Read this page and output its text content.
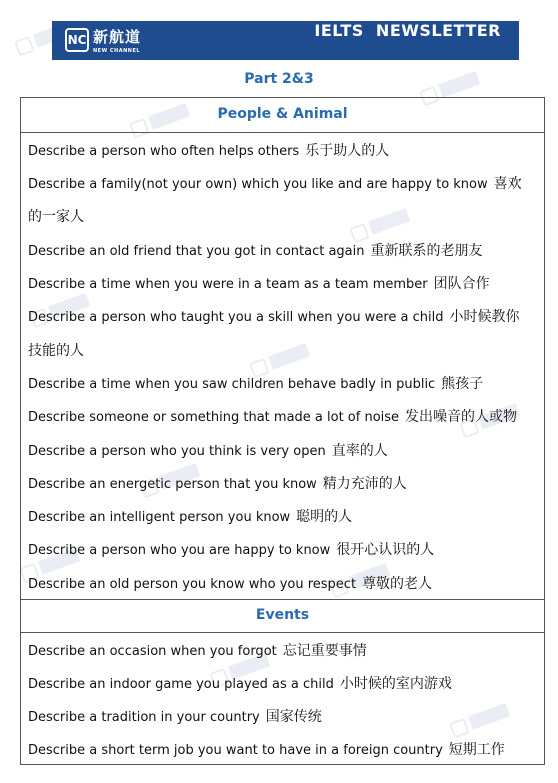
NC 新航道
NEW CHANNEL
IELTS  NEWSLETTER
Part 2&3
People & Animal
Describe a person who often helps others 乐于助人的人
Describe a family(not your own) which you like and are happy to know 喜欢
的一家人
Describe an old friend that you got in contact again 重新联系的老朋友
Describe a time when you were in a team as a team member 团队合作
Describe a person who taught you a skill when you were a child 小时候教你
技能的人
Describe a time when you saw children behave badly in public 熊孩子
Describe someone or something that made a lot of noise 发出噪音的人或物
Describe a person who you think is very open 直率的人
Describe an energetic person that you know 精力充沛的人
Describe an intelligent person you know 聪明的人
Describe a person who you are happy to know 很开心认识的人
Describe an old person you know who you respect 尊敬的老人
Events
Describe an occasion when you forgot 忘记重要事情
Describe an indoor game you played as a child 小时候的室内游戏
Describe a tradition in your country 国家传统
Describe a short term job you want to have in a foreign country 短期工作
